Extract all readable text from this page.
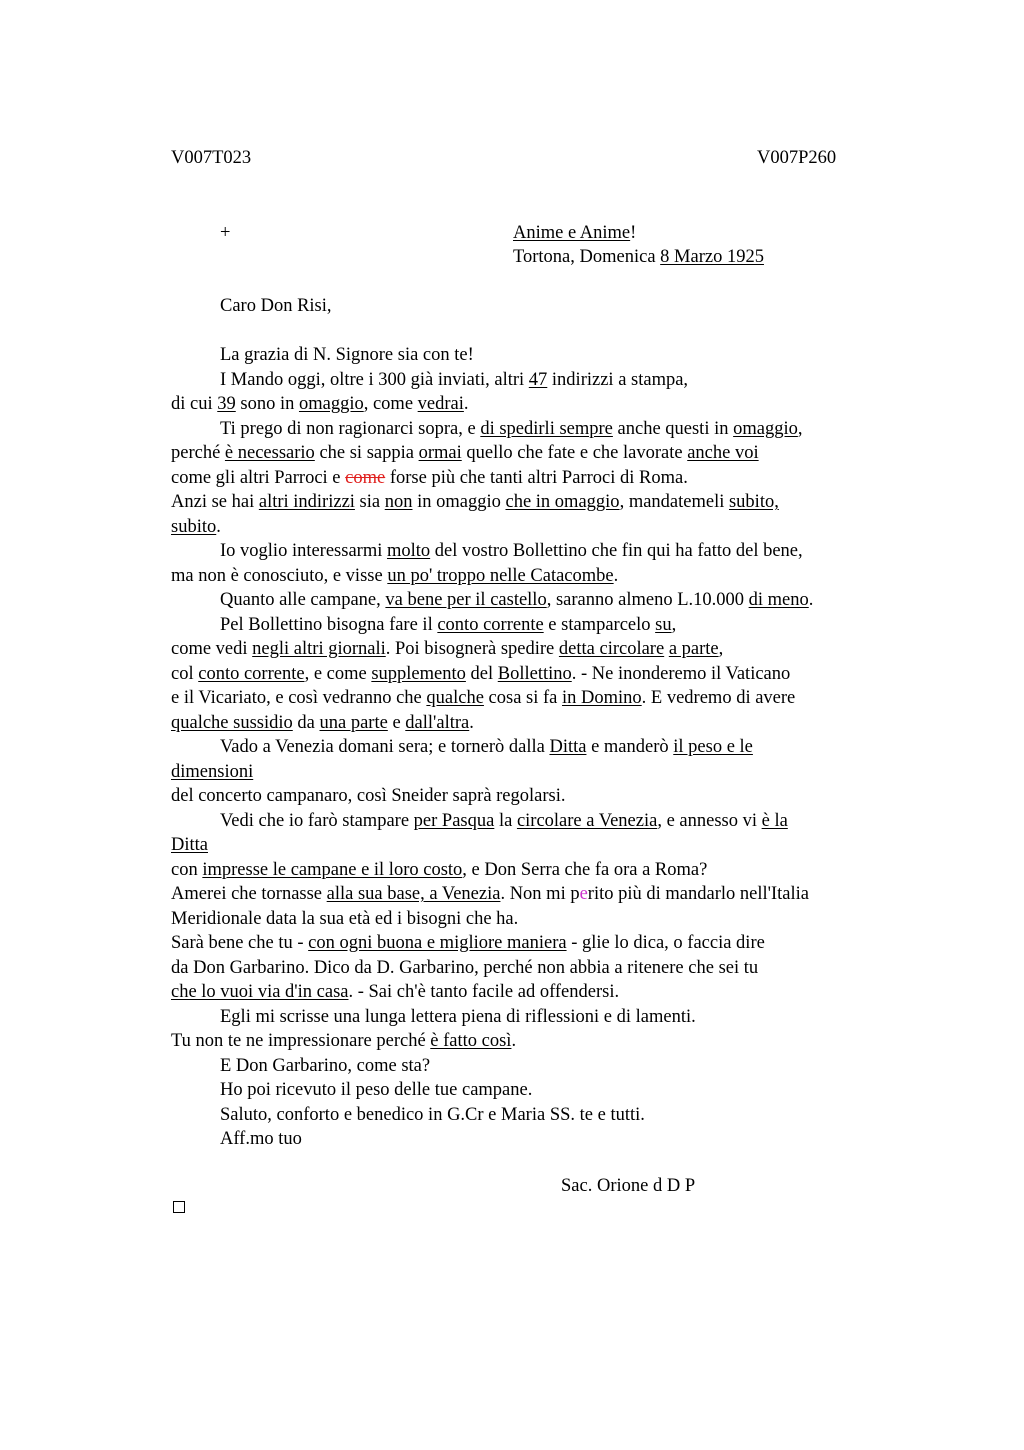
V007T023	V007P260
+	Anime e Anime!
Tortona, Domenica 8 Marzo 1925
Caro Don Risi,
La grazia di N. Signore sia con te!
I Mando oggi, oltre i 300 già inviati, altri 47 indirizzi a stampa,
di cui 39 sono in omaggio, come vedrai.
Ti prego di non ragionarci sopra, e di spedirli sempre anche questi in omaggio,
perché è necessario che si sappia ormai quello che fate e che lavorate anche voi
come gli altri Parroci e come forse più che tanti altri Parroci di Roma.
Anzi se hai altri indirizzi sia non in omaggio che in omaggio, mandatemeli subito,
subito.
Io voglio interessarmi molto del vostro Bollettino che fin qui ha fatto del bene,
ma non è conosciuto, e visse un po' troppo nelle Catacombe.
Quanto alle campane, va bene per il castello, saranno almeno L.10.000 di meno.
Pel Bollettino bisogna fare il conto corrente e stamparcelo su,
come vedi negli altri giornali. Poi bisognerà spedire detta circolare a parte,
col conto corrente, e come supplemento del Bollettino. - Ne inonderemo il Vaticano
e il Vicariato, e così vedranno che qualche cosa si fa in Domino. E vedremo di avere
qualche sussidio da una parte e dall'altra.
Vado a Venezia domani sera; e tornerò dalla Ditta e manderò il peso e le
dimensioni
del concerto campanaro, così Sneider saprà regolarsi.
Vedi che io farò stampare per Pasqua la circolare a Venezia, e annesso vi è la
Ditta
con impresse le campane e il loro costo, e Don Serra che fa ora a Roma?
Amerei che tornasse alla sua base, a Venezia. Non mi perito più di mandarlo nell'Italia
Meridionale data la sua età ed i bisogni che ha.
Sarà bene che tu - con ogni buona e migliore maniera - glie lo dica, o faccia dire
da Don Garbarino. Dico da D. Garbarino, perché non abbia a ritenere che sei tu
che lo vuoi via d'in casa. - Sai ch'è tanto facile ad offendersi.
Egli mi scrisse una lunga lettera piena di riflessioni e di lamenti.
Tu non te ne impressionare perché è fatto così.
E Don Garbarino, come sta?
Ho poi ricevuto il peso delle tue campane.
Saluto, conforto e benedico in G.Cr e Maria SS. te e tutti.
Aff.mo tuo
Sac. Orione d D P
